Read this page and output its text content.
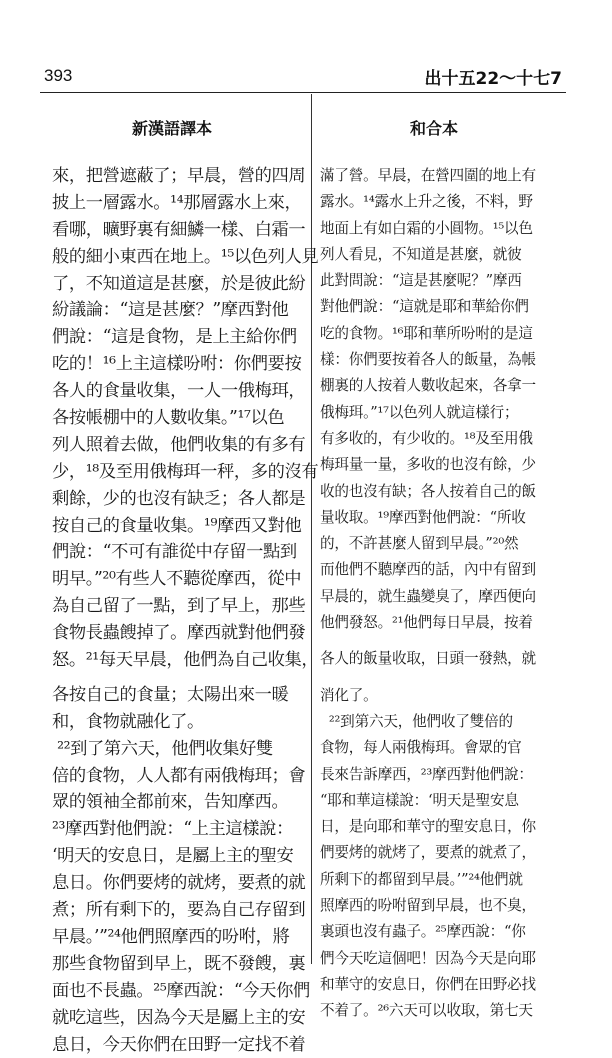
393	出十五22～十七7
新漢語譯本	和合本
來，把營遮蔽了；早晨，營的四周
披上一層露水。¹⁴那層露水上來，
看哪，曠野裏有細鱗一樣、白霜一
般的細小東西在地上。¹⁵以色列人見
了，不知道這是甚麼，於是彼此紛
紛議論：“這是甚麼？”摩西對他
們說：“這是食物，是上主給你們
吃的！¹⁶上主這樣吩咐：你們要按
各人的食量收集，一人一俄梅珥，
各按帳棚中的人數收集。”¹⁷以色
列人照着去做，他們收集的有多有
少，¹⁸及至用俄梅珥一秤，多的沒有
剩餘，少的也沒有缺乏；各人都是
按自己的食量收集。¹⁹摩西又對他
們說：“不可有誰從中存留一點到
明早。”²⁰有些人不聽從摩西，從中
為自己留了一點，到了早上，那些
食物長蟲餿掉了。摩西就對他們發
怒。²¹每天早晨，他們為自己收集，
各按自己的食量；太陽出來一暖
和，食物就融化了。
²²到了第六天，他們收集好雙
倍的食物，人人都有兩俄梅珥；會
眾的領袖全都前來，告知摩西。
²³摩西對他們說：“上主這樣說：
‘明天的安息日，是屬上主的聖安
息日。你們要烤的就烤，要煮的就
煮；所有剩下的，要為自己存留到
早晨。’”²⁴他們照摩西的吩咐，將
那些食物留到早上，既不發餿，裏
面也不長蟲。²⁵摩西說：“今天你們
就吃這些，因為今天是屬上主的安
息日，今天你們在田野一定找不着
滿了營。早晨，在營四圍的地上有
露水。¹⁴露水上升之後，不料，野
地面上有如白霜的小圓物。¹⁵以色
列人看見，不知道是甚麼，就彼
此對問說：“這是甚麼呢？”摩西
對他們說：“這就是耶和華給你們
吃的食物。¹⁶耶和華所吩咐的是這
樣：你們要按着各人的飯量，為帳
棚裏的人按着人數收起來，各拿一
俄梅珥。”¹⁷以色列人就這樣行；
有多收的，有少收的。¹⁸及至用俄
梅珥量一量，多收的也沒有餘，少
收的也沒有缺；各人按着自己的飯
量收取。¹⁹摩西對他們說：“所收
的，不許甚麼人留到早晨。”²⁰然
而他們不聽摩西的話，內中有留到
早晨的，就生蟲變臭了，摩西便向
他們發怒。²¹他們每日早晨，按着
各人的飯量收取，日頭一發熱，就
消化了。
²²到第六天，他們收了雙倍的
食物，每人兩俄梅珥。會眾的官
長來告訴摩西，²³摩西對他們說：
“耶和華這樣說：‘明天是聖安息
日，是向耶和華守的聖安息日，你
們要烤的就烤了，要煮的就煮了，
所剩下的都留到早晨。’”²⁴他們就
照摩西的吩咐留到早晨，也不臭，
裏頭也沒有蟲子。²⁵摩西說：“你
們今天吃這個吧！因為今天是向耶
和華守的安息日，你們在田野必找
不着了。²⁶六天可以收取，第七天
